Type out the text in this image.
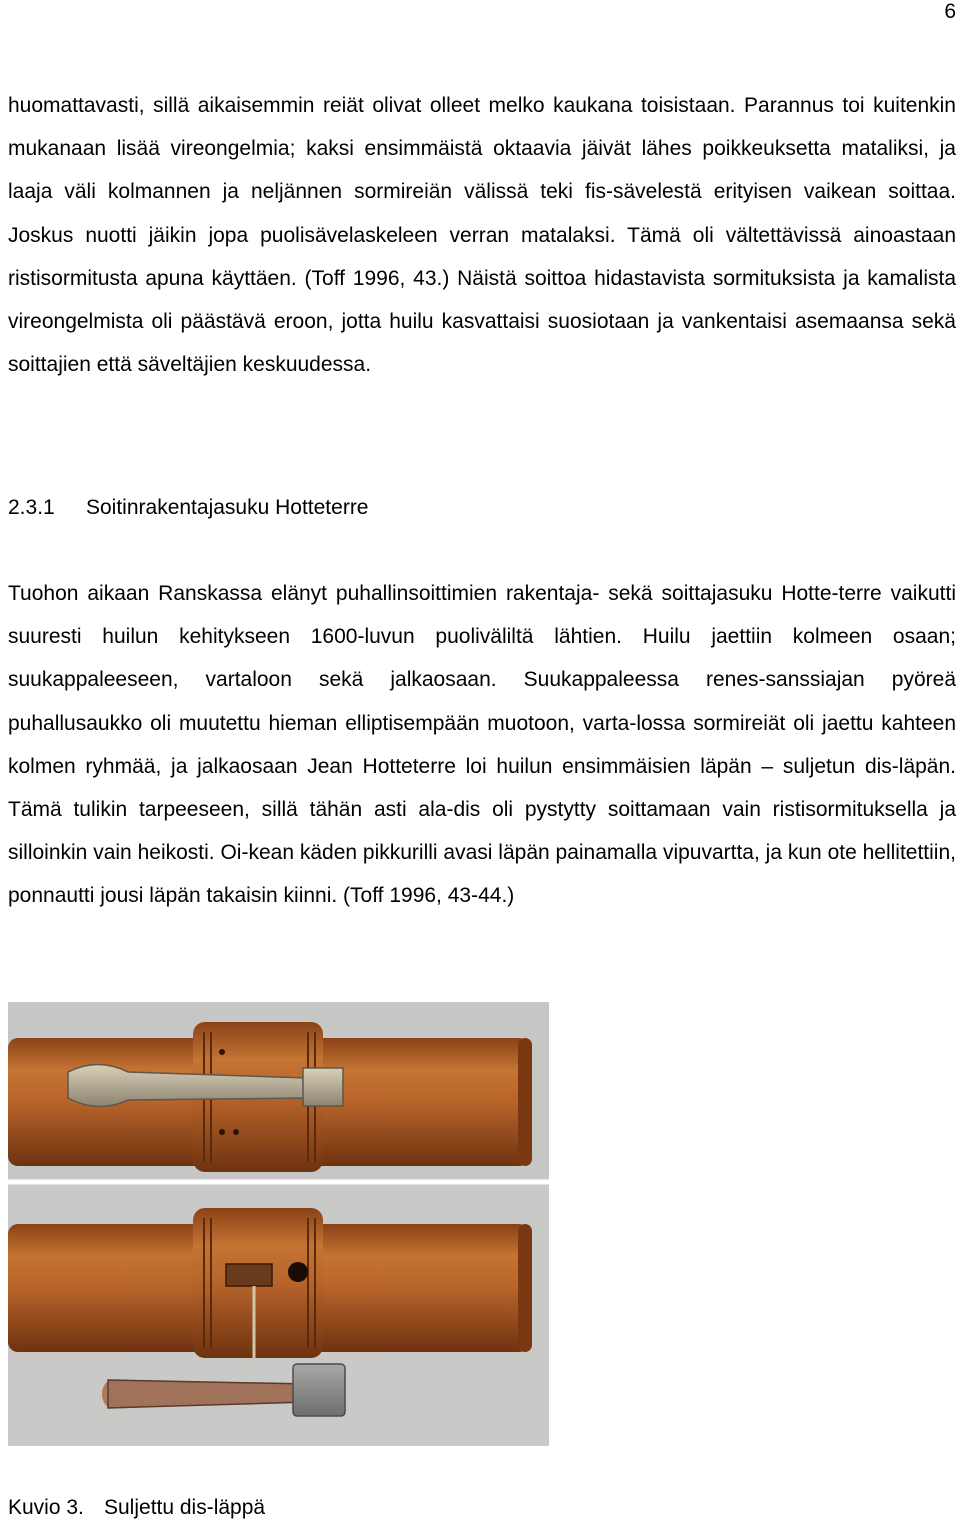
6

huomattavasti, sillä aikaisemmin reiät olivat olleet melko kaukana toisistaan. Parannus toi kuitenkin mukanaan lisää vireongelmia; kaksi ensimmäistä oktaavia jäivät lähes poikkeuksetta mataliksi, ja laaja väli kolmannen ja neljännen sormireiän välissä teki fis-sävelestä erityisen vaikean soittaa. Joskus nuotti jäikin jopa puolisävelaskeleen verran matalaksi. Tämä oli vältettävissä ainoastaan ristisormitusta apuna käyttäen. (Toff 1996, 43.) Näistä soittoa hidastavista sormituksista ja kamalista vireongelmista oli päästävä eroon, jotta huilu kasvattaisi suosiotaan ja vankentaisi asemaansa sekä soittajien että säveltäjien keskuudessa.

2.3.1 Soitinrakentajasuku Hotteterre

Tuohon aikaan Ranskassa elänyt puhallinsoittimien rakentaja- sekä soittajasuku Hotte-terre vaikutti suuresti huilun kehitykseen 1600-luvun puoliväliltä lähtien. Huilu jaettiin kolmeen osaan; suukappaleeseen, vartaloon sekä jalkaosaan. Suukappaleessa renes-sanssiajan pyöreä puhallusaukko oli muutettu hieman elliptisempään muotoon, varta-lossa sormireiät oli jaettu kahteen kolmen ryhmää, ja jalkaosaan Jean Hotteterre loi huilun ensimmäisien läpän – suljetun dis-läpän. Tämä tulikin tarpeeseen, sillä tähän asti ala-dis oli pystytty soittamaan vain ristisormituksella ja silloinkin vain heikosti. Oi-kean käden pikkurilli avasi läpän painamalla vipuvartta, ja kun ote hellitettiin, ponnautti jousi läpän takaisin kiinni. (Toff 1996, 43-44.)

Kuvio 3. Suljettu dis-läppä
